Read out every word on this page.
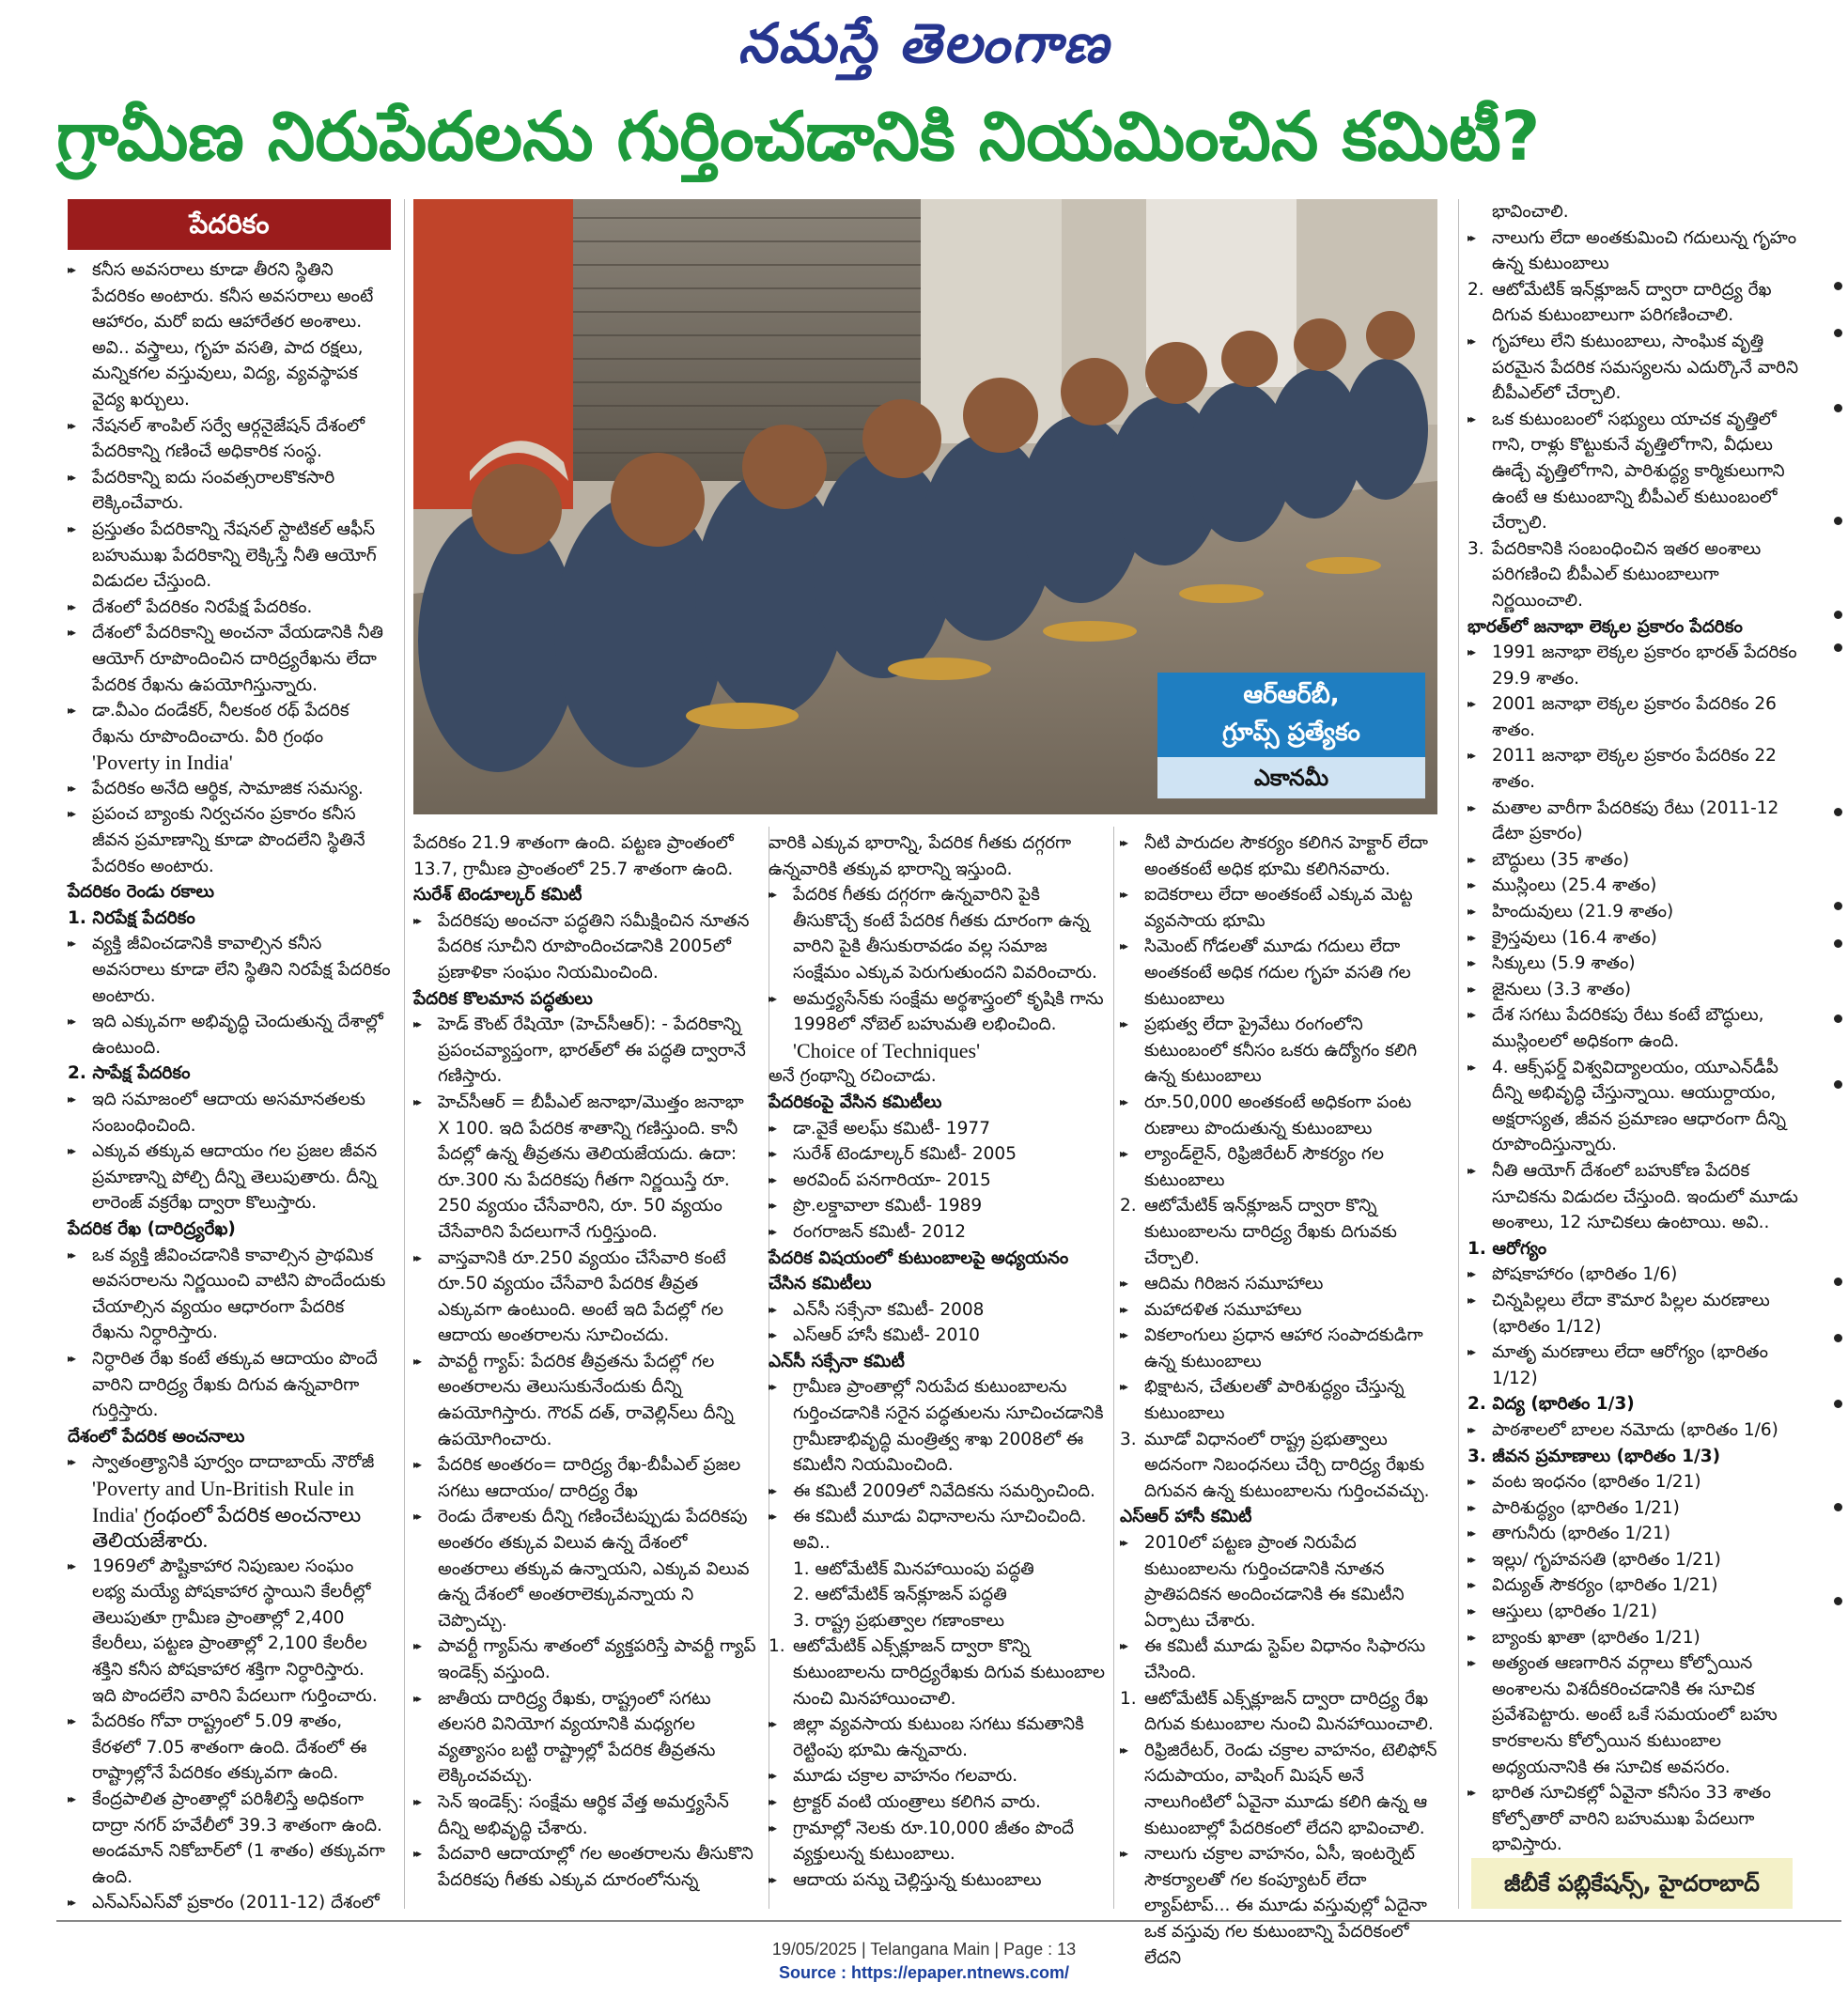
నమస్తే తెలంగాణ
గ్రామీణ నిరుపేదలను గుర్తించడానికి నియమించిన కమిటీ?
పేదరికం
ఆర్ఆర్‌బీ,
గ్రూప్స్ ప్రత్యేకం
ఎకానమీ
▸▸ కనీస అవసరాలు కూడా తీరని స్థితిని పేదరికం అంటారు. కనీస అవసరాలు అంటే ఆహారం, మరో ఐదు ఆహారేతర అంశాలు. అవి.. వస్త్రాలు, గృహ వసతి, పాద రక్షలు, మన్నికగల వస్తువులు, విద్య, వ్యవస్థాపక వైద్య ఖర్చులు.
▸▸ నేషనల్ శాంపిల్ సర్వే ఆర్గనైజేషన్ దేశంలో పేదరికాన్ని గణించే అధికారిక సంస్థ.
▸▸ పేదరికాన్ని ఐదు సంవత్సరాలకొకసారి లెక్కించేవారు.
▸▸ ప్రస్తుతం పేదరికాన్ని నేషనల్ స్టాటికల్ ఆఫీస్ బహుముఖ పేదరికాన్ని లెక్కిస్తే నీతి ఆయోగ్ విడుదల చేస్తుంది.
▸▸ దేశంలో పేదరికం నిరపేక్ష పేదరికం.
▸▸ దేశంలో పేదరికాన్ని అంచనా వేయడానికి నీతి ఆయోగ్ రూపొందించిన దారిద్ర్యరేఖను లేదా పేదరిక రేఖను ఉపయోగిస్తున్నారు.
▸▸ డా.వీఎం దండేకర్, నీలకంఠ రథ్ పేదరిక రేఖను రూపొందించారు. వీరి గ్రంథం
'Poverty in India'
▸▸ పేదరికం అనేది ఆర్థిక, సామాజిక సమస్య.
▸▸ ప్రపంచ బ్యాంకు నిర్వచనం ప్రకారం కనీస జీవన ప్రమాణాన్ని కూడా పొందలేని స్థితినే పేదరికం అంటారు.
పేదరికం రెండు రకాలు
1. నిరపేక్ష పేదరికం
▸▸ వ్యక్తి జీవించడానికి కావాల్సిన కనీస అవసరాలు కూడా లేని స్థితిని నిరపేక్ష పేదరికం అంటారు.
▸▸ ఇది ఎక్కువగా అభివృద్ధి చెందుతున్న దేశాల్లో ఉంటుంది.
2. సాపేక్ష పేదరికం
▸▸ ఇది సమాజంలో ఆదాయ అసమానతలకు సంబంధించింది.
▸▸ ఎక్కువ తక్కువ ఆదాయం గల ప్రజల జీవన ప్రమాణాన్ని పోల్చి దీన్ని తెలుపుతారు. దీన్ని లారెంజ్ వక్రరేఖ ద్వారా కొలుస్తారు.
పేదరిక రేఖ (దారిద్ర్యరేఖ)
▸▸ ఒక వ్యక్తి జీవించడానికి కావాల్సిన ప్రాథమిక అవసరాలను నిర్ణయించి వాటిని పొందేందుకు చేయాల్సిన వ్యయం ఆధారంగా పేదరిక రేఖను నిర్ధారిస్తారు.
▸▸ నిర్ధారిత రేఖ కంటే తక్కువ ఆదాయం పొందే వారిని దారిద్ర్య రేఖకు దిగువ ఉన్నవారిగా గుర్తిస్తారు.
దేశంలో పేదరిక అంచనాలు
▸▸ స్వాతంత్ర్యానికి పూర్వం దాదాబాయ్ నౌరోజీ
'Poverty and Un-British Rule in India' గ్రంథంలో పేదరిక అంచనాలు తెలియజేశారు.
▸▸ 1969లో పౌష్టికాహార నిపుణుల సంఘం లభ్య మయ్యే పోషకాహార స్థాయిని కేలరీల్లో తెలుపుతూ గ్రామీణ ప్రాంతాల్లో 2,400 కేలరీలు, పట్టణ ప్రాంతాల్లో 2,100 కేలరీల శక్తిని కనీస పోషకాహార శక్తిగా నిర్ధారిస్తారు. ఇది పొందలేని వారిని పేదలుగా గుర్తించారు.
▸▸ పేదరికం గోవా రాష్ట్రంలో 5.09 శాతం, కేరళలో 7.05 శాతంగా ఉంది. దేశంలో ఈ రాష్ట్రాల్లోనే పేదరికం తక్కువగా ఉంది.
▸▸ కేంద్రపాలిత ప్రాంతాల్లో పరిశీలిస్తే అధికంగా దాద్రా నగర్ హవేలీలో 39.3 శాతంగా ఉంది. అండమాన్ నికోబార్‌లో (1 శాతం) తక్కువగా ఉంది.
▸▸ ఎన్ఎస్ఎస్‌వో ప్రకారం (2011-12) దేశంలో
పేదరికం 21.9 శాతంగా ఉంది. పట్టణ ప్రాంతంలో 13.7, గ్రామీణ ప్రాంతంలో 25.7 శాతంగా ఉంది.
సురేశ్ టెండూల్కర్ కమిటీ
▸▸ పేదరికపు అంచనా పద్ధతిని సమీక్షించిన నూతన పేదరిక సూచీని రూపొందించడానికి 2005లో ప్రణాళికా సంఘం నియమించింది.
పేదరిక కొలమాన పద్ధతులు
▸▸ హెడ్ కౌంట్ రేషియో (హెచ్‌సీఆర్): - పేదరికాన్ని ప్రపంచవ్యాప్తంగా, భారత్‌లో ఈ పద్ధతి ద్వారానే గణిస్తారు.
▸▸ హెచ్‌సీఆర్ = బీపీఎల్ జనాభా/మొత్తం జనాభా X 100. ఇది పేదరిక శాతాన్ని గణిస్తుంది. కానీ పేదల్లో ఉన్న తీవ్రతను తెలియజేయదు. ఉదా: రూ.300 ను పేదరికపు గీతగా నిర్ణయిస్తే రూ. 250 వ్యయం చేసేవారిని, రూ. 50 వ్యయం చేసేవారిని పేదలుగానే గుర్తిస్తుంది.
▸▸ వాస్తవానికి రూ.250 వ్యయం చేసేవారి కంటే రూ.50 వ్యయం చేసేవారి పేదరిక తీవ్రత ఎక్కువగా ఉంటుంది. అంటే ఇది పేదల్లో గల ఆదాయ అంతరాలను సూచించదు.
▸▸ పావర్టీ గ్యాప్: పేదరిక తీవ్రతను పేదల్లో గల అంతరాలను తెలుసుకునేందుకు దీన్ని ఉపయోగిస్తారు. గౌరవ్ దత్, రావెల్లిన్‌లు దీన్ని ఉపయోగించారు.
▸▸ పేదరిక అంతరం= దారిద్ర్య రేఖ-బీపీఎల్ ప్రజల సగటు ఆదాయం/ దారిద్ర్య రేఖ
▸▸ రెండు దేశాలకు దీన్ని గణించేటప్పుడు పేదరికపు అంతరం తక్కువ విలువ ఉన్న దేశంలో అంతరాలు తక్కువ ఉన్నాయని, ఎక్కువ విలువ ఉన్న దేశంలో అంతరాలెక్కువన్నాయ ని చెప్పొచ్చు.
▸▸ పావర్టీ గ్యాప్‌ను శాతంలో వ్యక్తపరిస్తే పావర్టీ గ్యాప్ ఇండెక్స్ వస్తుంది.
▸▸ జాతీయ దారిద్ర్య రేఖకు, రాష్ట్రంలో సగటు తలసరి వినియోగ వ్యయానికి మధ్యగల వ్యత్యాసం బట్టి రాష్ట్రాల్లో పేదరిక తీవ్రతను లెక్కించవచ్చు.
▸▸ సెన్ ఇండెక్స్: సంక్షేమ ఆర్థిక వేత్త అమర్త్యసేన్ దీన్ని అభివృద్ధి చేశారు.
▸▸ పేదవారి ఆదాయాల్లో గల అంతరాలను తీసుకొని పేదరికపు గీతకు ఎక్కువ దూరంలోనున్న
వారికి ఎక్కువ భారాన్ని, పేదరిక గీతకు దగ్గరగా ఉన్నవారికి తక్కువ భారాన్ని ఇస్తుంది.
▸▸ పేదరిక గీతకు దగ్గరగా ఉన్నవారిని పైకి తీసుకొచ్చే కంటే పేదరిక గీతకు దూరంగా ఉన్న వారిని పైకి తీసుకురావడం వల్ల సమాజ సంక్షేమం ఎక్కువ పెరుగుతుందని వివరించారు.
▸▸ అమర్త్యసేన్‌కు సంక్షేమ అర్థశాస్త్రంలో కృషికి గాను 1998లో నోబెల్ బహుమతి లభించింది.
'Choice of Techniques'
అనే గ్రంథాన్ని రచించాడు.
పేదరికంపై వేసిన కమిటీలు
▸▸ డా.వైకే అలఘ్ కమిటీ- 1977
▸▸ సురేశ్ టెండూల్కర్ కమిటీ- 2005
▸▸ అరవింద్ పనగారియా- 2015
▸▸ ప్రొ.లక్డావాలా కమిటీ- 1989
▸▸ రంగరాజన్ కమిటీ- 2012
పేదరిక విషయంలో కుటుంబాలపై అధ్యయనం చేసిన కమిటీలు
▸▸ ఎన్‌సీ సక్సేనా కమిటీ- 2008
▸▸ ఎస్ఆర్ హాసీ కమిటీ- 2010
ఎన్‌సీ సక్సేనా కమిటీ
▸▸ గ్రామీణ ప్రాంతాల్లో నిరుపేద కుటుంబాలను గుర్తించడానికి సరైన పద్ధతులను సూచించడానికి గ్రామీణాభివృద్ధి మంత్రిత్వ శాఖ 2008లో ఈ కమిటీని నియమించింది.
▸▸ ఈ కమిటీ 2009లో నివేదికను సమర్పించింది.
▸▸ ఈ కమిటీ మూడు విధానాలను సూచించింది. అవి..
1. ఆటోమేటిక్ మినహాయింపు పద్ధతి
2. ఆటోమేటిక్ ఇన్‌క్లూజన్ పద్ధతి
3. రాష్ట్ర ప్రభుత్వాల గణాంకాలు
1. ఆటోమేటిక్ ఎక్స్‌క్లూజన్ ద్వారా కొన్ని కుటుంబాలను దారిద్ర్యరేఖకు దిగువ కుటుంబాల నుంచి మినహాయించాలి.
▸▸ జిల్లా వ్యవసాయ కుటుంబ సగటు కమతానికి రెట్టింపు భూమి ఉన్నవారు.
▸▸ మూడు చక్రాల వాహనం గలవారు.
▸▸ ట్రాక్టర్ వంటి యంత్రాలు కలిగిన వారు.
▸▸ గ్రామాల్లో నెలకు రూ.10,000 జీతం పొందే వ్యక్తులున్న కుటుంబాలు.
▸▸ ఆదాయ పన్ను చెల్లిస్తున్న కుటుంబాలు
▸▸ నీటి పారుదల సౌకర్యం కలిగిన హెక్టార్ లేదా అంతకంటే అధిక భూమి కలిగినవారు.
▸▸ ఐదెకరాలు లేదా అంతకంటే ఎక్కువ మెట్ట వ్యవసాయ భూమి
▸▸ సిమెంట్ గోడలతో మూడు గదులు లేదా అంతకంటే అధిక గదుల గృహ వసతి గల కుటుంబాలు
▸▸ ప్రభుత్వ లేదా ప్రైవేటు రంగంలోని కుటుంబంలో కనీసం ఒకరు ఉద్యోగం కలిగి ఉన్న కుటుంబాలు
▸▸ రూ.50,000 అంతకంటే అధికంగా పంట రుణాలు పొందుతున్న కుటుంబాలు
▸▸ ల్యాండ్‌లైన్, రిఫ్రిజిరేటర్ సౌకర్యం గల కుటుంబాలు
2. ఆటోమేటిక్ ఇన్‌క్లూజన్ ద్వారా కొన్ని కుటుంబాలను దారిద్ర్య రేఖకు దిగువకు చేర్చాలి.
▸▸ ఆదిమ గిరిజన సమూహాలు
▸▸ మహాదళిత సమూహాలు
▸▸ వికలాంగులు ప్రధాన ఆహార సంపాదకుడిగా ఉన్న కుటుంబాలు
▸▸ భిక్షాటన, చేతులతో పారిశుద్ధ్యం చేస్తున్న కుటుంబాలు
3. మూడో విధానంలో రాష్ట్ర ప్రభుత్వాలు అదనంగా నిబంధనలు చేర్చి దారిద్ర్య రేఖకు దిగువన ఉన్న కుటుంబాలను గుర్తించవచ్చు.
ఎస్ఆర్ హాసీ కమిటీ
▸▸ 2010లో పట్టణ ప్రాంత నిరుపేద కుటుంబాలను గుర్తించడానికి నూతన ప్రాతిపదికన అందించడానికి ఈ కమిటీని ఏర్పాటు చేశారు.
▸▸ ఈ కమిటీ మూడు స్టెప్‌ల విధానం సిఫారసు చేసింది.
1. ఆటోమేటిక్ ఎక్స్‌క్లూజన్ ద్వారా దారిద్ర్య రేఖ దిగువ కుటుంబాల నుంచి మినహాయించాలి.
▸▸ రిఫ్రిజిరేటర్, రెండు చక్రాల వాహనం, టెలిఫోన్ సదుపాయం, వాషింగ్ మిషన్ అనే నాలుగింటిలో ఏవైనా మూడు కలిగి ఉన్న ఆ కుటుంబాల్లో పేదరికంలో లేదని భావించాలి.
▸▸ నాలుగు చక్రాల వాహనం, ఏసీ, ఇంటర్నెట్ సౌకర్యాలతో గల కంప్యూటర్ లేదా ల్యాప్‌టాప్... ఈ మూడు వస్తువుల్లో ఏదైనా ఒక వస్తువు గల కుటుంబాన్ని పేదరికంలో లేదని
భావించాలి.
▸▸ నాలుగు లేదా అంతకుమించి గదులున్న గృహం ఉన్న కుటుంబాలు
2. ఆటోమేటిక్ ఇన్‌క్లూజన్ ద్వారా దారిద్ర్య రేఖ దిగువ కుటుంబాలుగా పరిగణించాలి.
▸▸ గృహాలు లేని కుటుంబాలు, సాంఘిక వృత్తి పరమైన పేదరిక సమస్యలను ఎదుర్కొనే వారిని బీపీఎల్‌లో చేర్చాలి.
▸▸ ఒక కుటుంబంలో సభ్యులు యాచక వృత్తిలో గాని, రాళ్లు కొట్టుకునే వృత్తిలోగాని, వీధులు ఊడ్చే వృత్తిలోగాని, పారిశుద్ధ్య కార్మికులుగాని ఉంటే ఆ కుటుంబాన్ని బీపీఎల్ కుటుంబంలో చేర్చాలి.
3. పేదరికానికి సంబంధించిన ఇతర అంశాలు పరిగణించి బీపీఎల్ కుటుంబాలుగా నిర్ణయించాలి.
భారత్‌లో జనాభా లెక్కల ప్రకారం పేదరికం
▸▸ 1991 జనాభా లెక్కల ప్రకారం భారత్ పేదరికం 29.9 శాతం.
▸▸ 2001 జనాభా లెక్కల ప్రకారం పేదరికం 26 శాతం.
▸▸ 2011 జనాభా లెక్కల ప్రకారం పేదరికం 22 శాతం.
▸▸ మతాల వారీగా పేదరికపు రేటు (2011-12 డేటా ప్రకారం)
▸▸ బౌద్ధులు (35 శాతం)
▸▸ ముస్లింలు (25.4 శాతం)
▸▸ హిందువులు (21.9 శాతం)
▸▸ క్రైస్తవులు (16.4 శాతం)
▸▸ సిక్కులు (5.9 శాతం)
▸▸ జైనులు (3.3 శాతం)
▸▸ దేశ సగటు పేదరికపు రేటు కంటే బౌద్ధులు, ముస్లింలలో అధికంగా ఉంది.
▸▸ 4. ఆక్స్‌ఫర్డ్ విశ్వవిద్యాలయం, యూఎన్‌డీపీ దీన్ని అభివృద్ధి చేస్తున్నాయి. ఆయుర్దాయం, అక్షరాస్యత, జీవన ప్రమాణం ఆధారంగా దీన్ని రూపొందిస్తున్నారు.
▸▸ నీతి ఆయోగ్ దేశంలో బహుకోణ పేదరిక సూచికను విడుదల చేస్తుంది. ఇందులో మూడు అంశాలు, 12 సూచికలు ఉంటాయి. అవి..
1. ఆరోగ్యం
▸▸ పోషకాహారం (భారితం 1/6)
▸▸ చిన్నపిల్లలు లేదా కౌమార పిల్లల మరణాలు (భారితం 1/12)
▸▸ మాతృ మరణాలు లేదా ఆరోగ్యం (భారితం 1/12)
2. విద్య (భారితం 1/3)
▸▸ పాఠశాలలో బాలల నమోదు (భారితం 1/6)
3. జీవన ప్రమాణాలు (భారితం 1/3)
▸▸ వంట ఇంధనం (భారితం 1/21)
▸▸ పారిశుద్ధ్యం (భారితం 1/21)
▸▸ తాగునీరు (భారితం 1/21)
▸▸ ఇల్లు/ గృహవసతి (భారితం 1/21)
▸▸ విద్యుత్ సౌకర్యం (భారితం 1/21)
▸▸ ఆస్తులు (భారితం 1/21)
▸▸ బ్యాంకు ఖాతా (భారితం 1/21)
▸▸ అత్యంత ఆణగారిన వర్గాలు కోల్పోయిన అంశాలను విశదీకరించడానికి ఈ సూచిక ప్రవేశపెట్టారు. అంటే ఒకే సమయంలో బహు కారకాలను కోల్పోయిన కుటుంబాల అధ్యయనానికి ఈ సూచిక అవసరం.
▸▸ భారిత సూచికల్లో ఏవైనా కనీసం 33 శాతం కోల్పోతారో వారిని బహుముఖ పేదలుగా భావిస్తారు.
జీబీకే పబ్లికేషన్స్, హైదరాబాద్
19/05/2025 | Telangana Main | Page : 13
Source : https://epaper.ntnews.com/
